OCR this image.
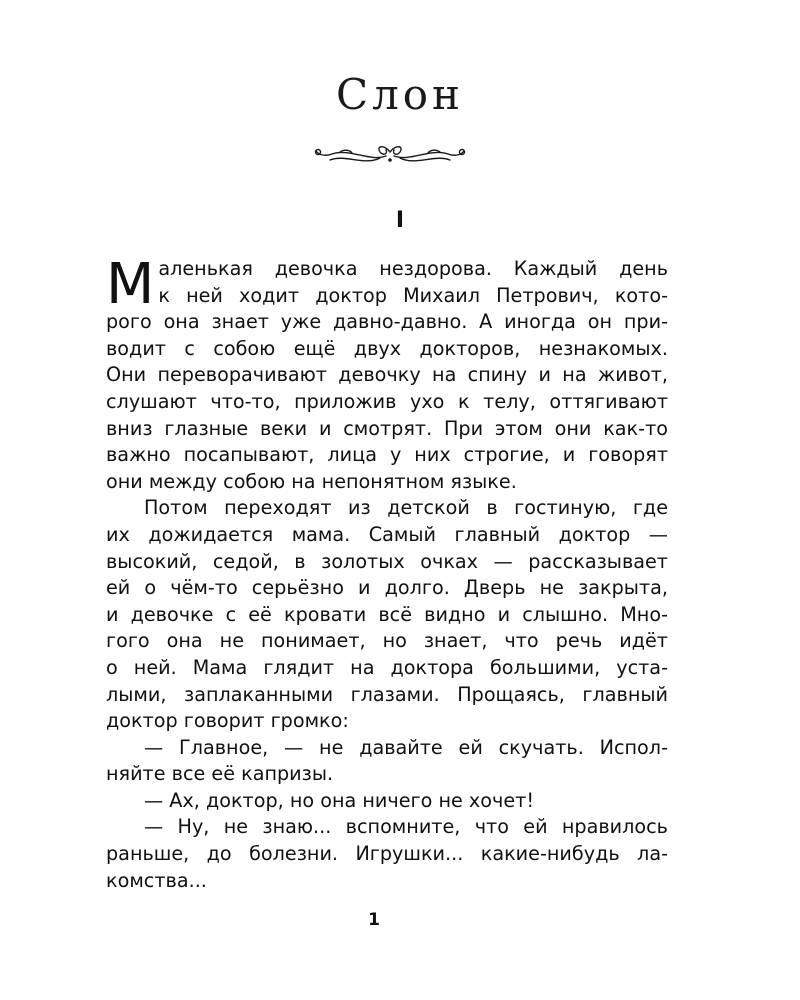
Слон
I
М аленькая девочка нездорова. Каждый день
к ней ходит доктор Михаил Петрович, кото-
рого она знает уже давно-давно. А иногда он при-
водит с собою ещё двух докторов, незнакомых.
Они переворачивают девочку на спину и на живот,
слушают что-то, приложив ухо к телу, оттягивают
вниз глазные веки и смотрят. При этом они как-то
важно посапывают, лица у них строгие, и говорят
они между собою на непонятном языке.
Потом переходят из детской в гостиную, где
их дожидается мама. Самый главный доктор —
высокий, седой, в золотых очках — рассказывает
ей о чём-то серьёзно и долго. Дверь не закрыта,
и девочке с её кровати всё видно и слышно. Мно-
гого она не понимает, но знает, что речь идёт
о ней. Мама глядит на доктора большими, уста-
лыми, заплаканными глазами. Прощаясь, главный
доктор говорит громко:
— Главное, — не давайте ей скучать. Испол-
няйте все её капризы.
— Ах, доктор, но она ничего не хочет!
— Ну, не знаю... вспомните, что ей нравилось
раньше, до болезни. Игрушки... какие-нибудь ла-
комства...
1
